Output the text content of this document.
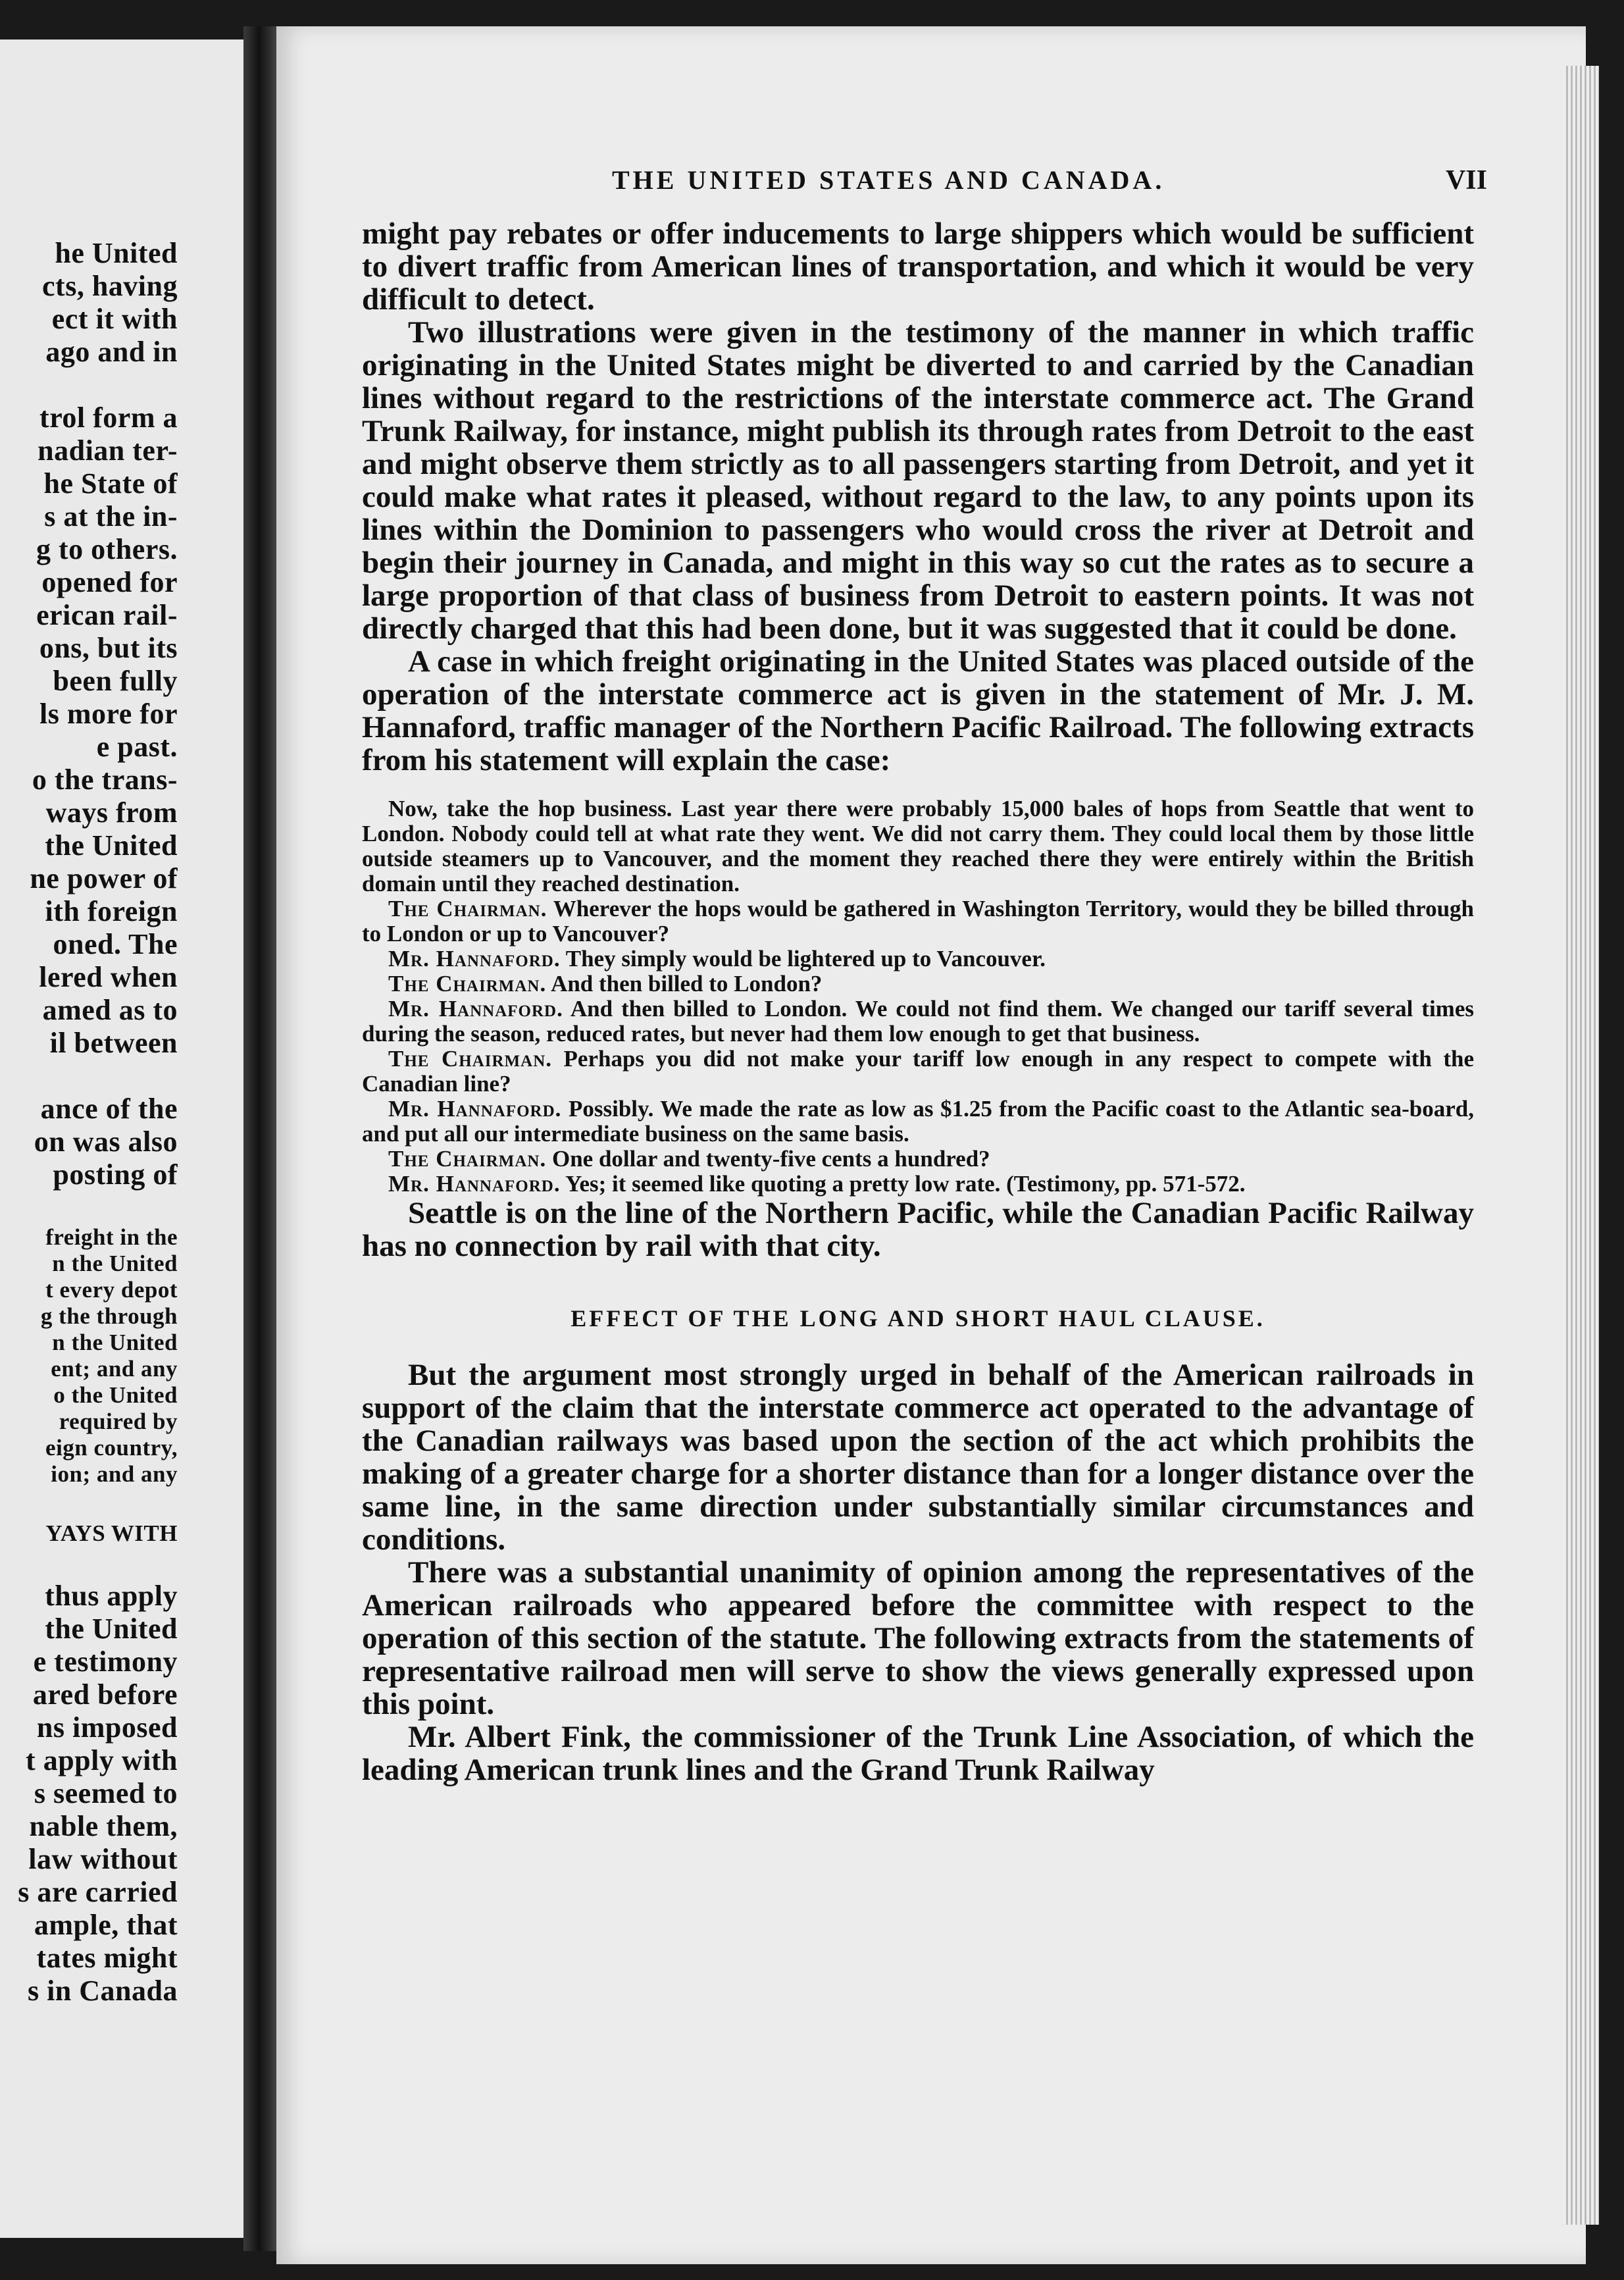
he United
cts, having
ect it with
ago and in
trol form a
nadian ter-
he State of
s at the in-
g to others.
opened for
erican rail-
ons, but its
been fully
ls more for
e past.
o the trans-
ways from
the United
ne power of
ith foreign
oned. The
lered when
amed as to
il between
ance of the
on was also
posting of
freight in the
n the United
t every depot
g the through
n the United
ent; and any
o the United
required by
eign country,
ion; and any
YAYS WITH
thus apply
the United
e testimony
ared before
ns imposed
t apply with
s seemed to
nable them,
law without
s are carried
ample, that
tates might
s in Canada
THE UNITED STATES AND CANADA.	VII

might pay rebates or offer inducements to large shippers which would be sufficient to divert traffic from American lines of transportation, and which it would be very difficult to detect.

Two illustrations were given in the testimony of the manner in which traffic originating in the United States might be diverted to and carried by the Canadian lines without regard to the restrictions of the interstate commerce act. The Grand Trunk Railway, for instance, might publish its through rates from Detroit to the east and might observe them strictly as to all passengers starting from Detroit, and yet it could make what rates it pleased, without regard to the law, to any points upon its lines within the Dominion to passengers who would cross the river at Detroit and begin their journey in Canada, and might in this way so cut the rates as to secure a large proportion of that class of business from Detroit to eastern points. It was not directly charged that this had been done, but it was suggested that it could be done.

A case in which freight originating in the United States was placed outside of the operation of the interstate commerce act is given in the statement of Mr. J. M. Hannaford, traffic manager of the Northern Pacific Railroad. The following extracts from his statement will explain the case:

Now, take the hop business. Last year there were probably 15,000 bales of hops from Seattle that went to London. Nobody could tell at what rate they went. We did not carry them. They could local them by those little outside steamers up to Vancouver, and the moment they reached there they were entirely within the British domain until they reached destination.

The Chairman. Wherever the hops would be gathered in Washington Territory, would they be billed through to London or up to Vancouver?

Mr. Hannaford. They simply would be lightered up to Vancouver.

The Chairman. And then billed to London?

Mr. Hannaford. And then billed to London. We could not find them. We changed our tariff several times during the season, reduced rates, but never had them low enough to get that business.

The Chairman. Perhaps you did not make your tariff low enough in any respect to compete with the Canadian line?

Mr. Hannaford. Possibly. We made the rate as low as $1.25 from the Pacific coast to the Atlantic sea-board, and put all our intermediate business on the same basis.

The Chairman. One dollar and twenty-five cents a hundred?

Mr. Hannaford. Yes; it seemed like quoting a pretty low rate. (Testimony, pp. 571-572.

Seattle is on the line of the Northern Pacific, while the Canadian Pacific Railway has no connection by rail with that city.

EFFECT OF THE LONG AND SHORT HAUL CLAUSE.

But the argument most strongly urged in behalf of the American railroads in support of the claim that the interstate commerce act operated to the advantage of the Canadian railways was based upon the section of the act which prohibits the making of a greater charge for a shorter distance than for a longer distance over the same line, in the same direction under substantially similar circumstances and conditions.

There was a substantial unanimity of opinion among the representatives of the American railroads who appeared before the committee with respect to the operation of this section of the statute. The following extracts from the statements of representative railroad men will serve to show the views generally expressed upon this point.

Mr. Albert Fink, the commissioner of the Trunk Line Association, of which the leading American trunk lines and the Grand Trunk Railway
